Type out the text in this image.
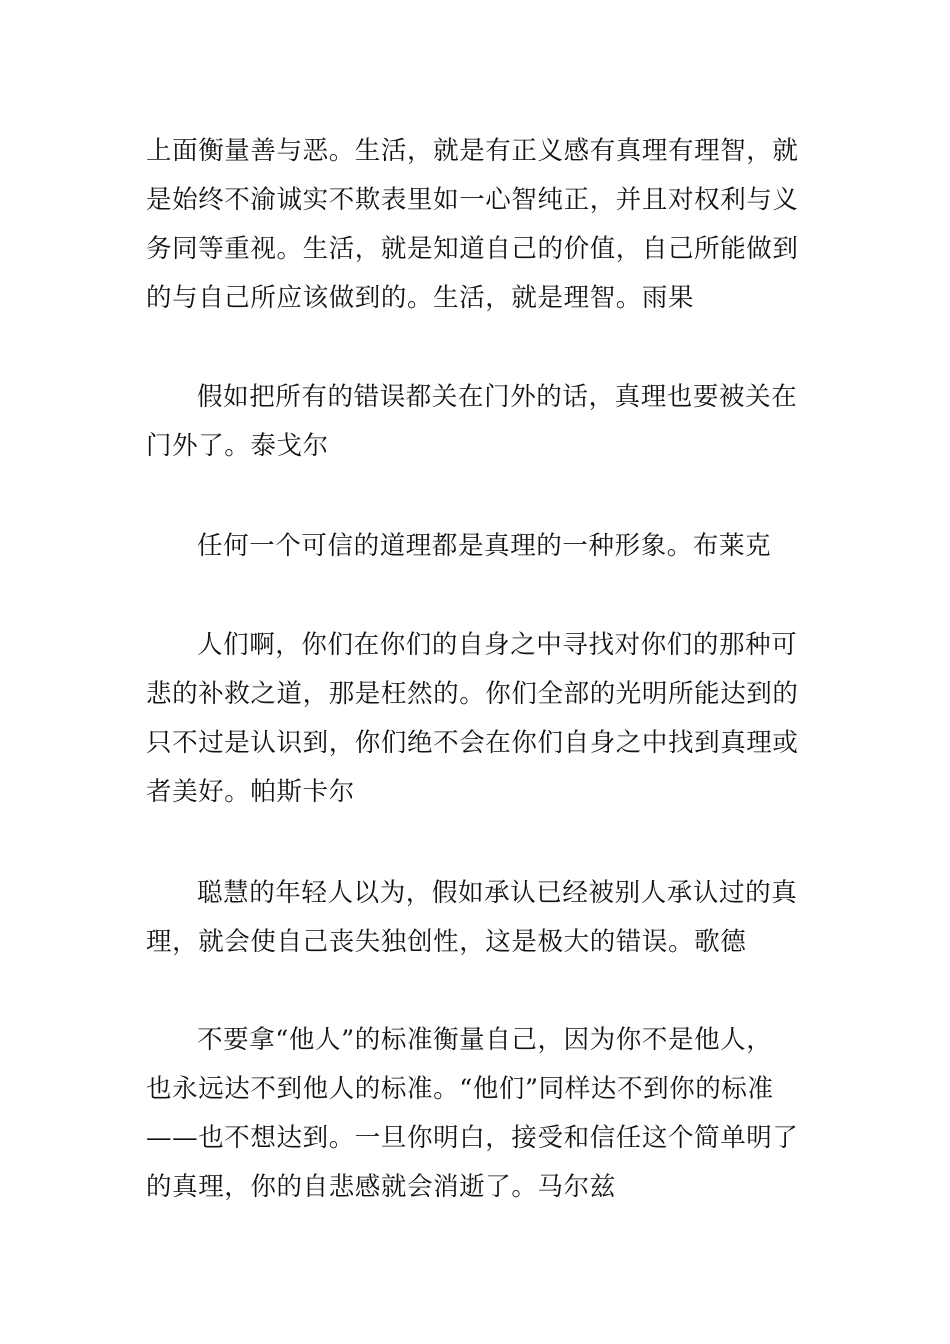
上面衡量善与恶。生活，就是有正义感有真理有理智，就
是始终不渝诚实不欺表里如一心智纯正，并且对权利与义
务同等重视。生活，就是知道自己的价值，自己所能做到
的与自己所应该做到的。生活，就是理智。雨果

假如把所有的错误都关在门外的话，真理也要被关在
门外了。泰戈尔

任何一个可信的道理都是真理的一种形象。布莱克

人们啊，你们在你们的自身之中寻找对你们的那种可
悲的补救之道，那是枉然的。你们全部的光明所能达到的
只不过是认识到，你们绝不会在你们自身之中找到真理或
者美好。帕斯卡尔

聪慧的年轻人以为，假如承认已经被别人承认过的真
理，就会使自己丧失独创性，这是极大的错误。歌德

不要拿“他人”的标准衡量自己，因为你不是他人，
也永远达不到他人的标准。“他们”同样达不到你的标准
——也不想达到。一旦你明白，接受和信任这个简单明了
的真理，你的自悲感就会消逝了。马尔兹
